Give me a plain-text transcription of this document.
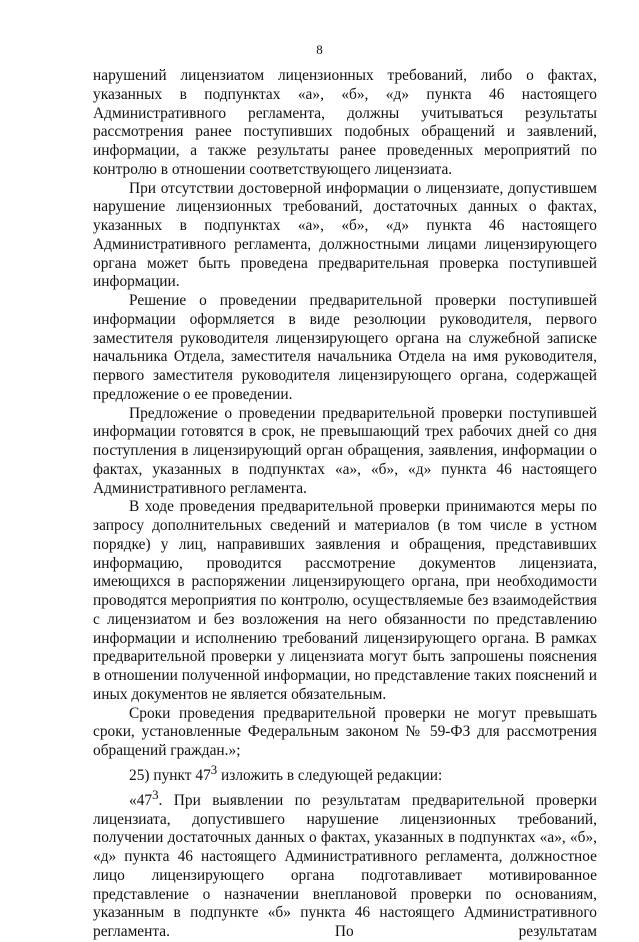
8

нарушений лицензиатом лицензионных требований, либо о фактах, указанных в подпунктах «а», «б», «д» пункта 46 настоящего Административного регламента, должны учитываться результаты рассмотрения ранее поступивших подобных обращений и заявлений, информации, а также результаты ранее проведенных мероприятий по контролю в отношении соответствующего лицензиата.

При отсутствии достоверной информации о лицензиате, допустившем нарушение лицензионных требований, достаточных данных о фактах, указанных в подпунктах «а», «б», «д» пункта 46 настоящего Административного регламента, должностными лицами лицензирующего органа может быть проведена предварительная проверка поступившей информации.

Решение о проведении предварительной проверки поступившей информации оформляется в виде резолюции руководителя, первого заместителя руководителя лицензирующего органа на служебной записке начальника Отдела, заместителя начальника Отдела на имя руководителя, первого заместителя руководителя лицензирующего органа, содержащей предложение о ее проведении.

Предложение о проведении предварительной проверки поступившей информации готовятся в срок, не превышающий трех рабочих дней со дня поступления в лицензирующий орган обращения, заявления, информации о фактах, указанных в подпунктах «а», «б», «д» пункта 46 настоящего Административного регламента.

В ходе проведения предварительной проверки принимаются меры по запросу дополнительных сведений и материалов (в том числе в устном порядке) у лиц, направивших заявления и обращения, представивших информацию, проводится рассмотрение документов лицензиата, имеющихся в распоряжении лицензирующего органа, при необходимости проводятся мероприятия по контролю, осуществляемые без взаимодействия с лицензиатом и без возложения на него обязанности по представлению информации и исполнению требований лицензирующего органа. В рамках предварительной проверки у лицензиата могут быть запрошены пояснения в отношении полученной информации, но представление таких пояснений и иных документов не является обязательным.

Сроки проведения предварительной проверки не могут превышать сроки, установленные Федеральным законом № 59-ФЗ для рассмотрения обращений граждан.»;

25) пункт $47^3$ изложить в следующей редакции:

«$47^3$. При выявлении по результатам предварительной проверки лицензиата, допустившего нарушение лицензионных требований, получении достаточных данных о фактах, указанных в подпунктах «а», «б», «д» пункта 46 настоящего Административного регламента, должностное лицо лицензирующего органа подготавливает мотивированное представление о назначении внеплановой проверки по основаниям, указанным в подпункте «б» пункта 46 настоящего Административного регламента. По результатам
